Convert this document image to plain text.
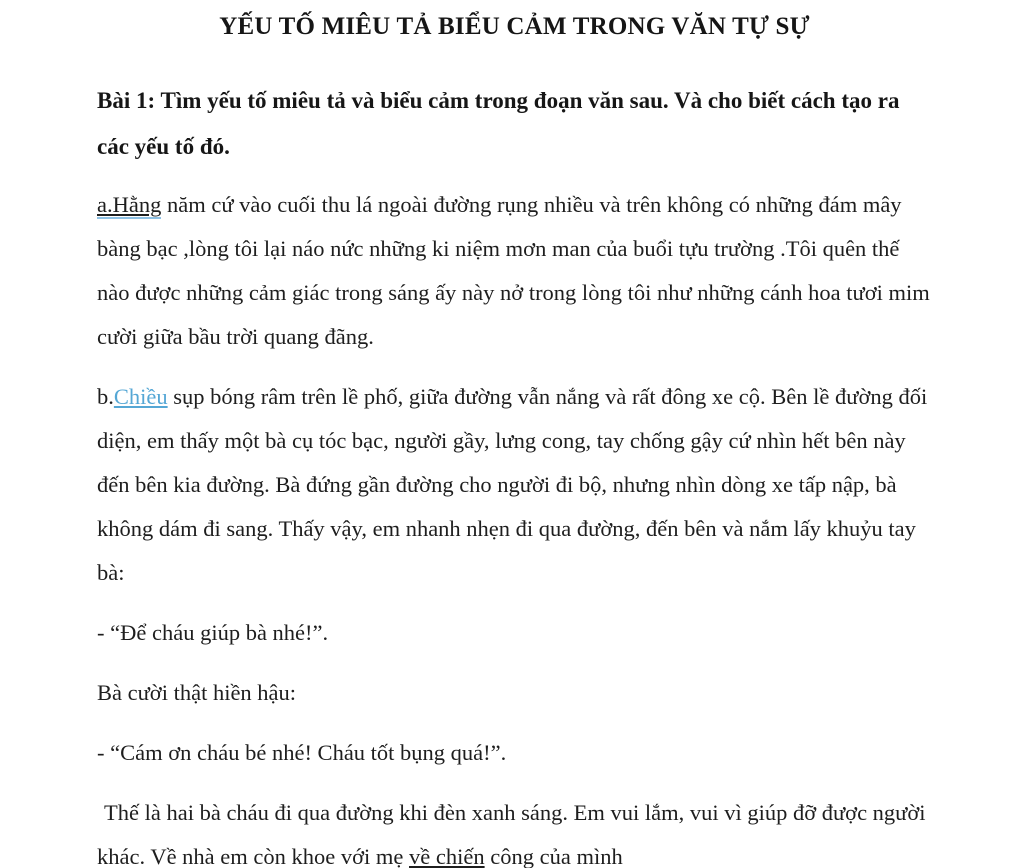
YẾU TỐ MIÊU TẢ BIỂU CẢM TRONG VĂN TỰ SỰ

Bài 1: Tìm yếu tố miêu tả và biểu cảm trong đoạn văn sau. Và cho biết cách tạo ra các yếu tố đó.

a.Hằng năm cứ vào cuối thu lá ngoài đường rụng nhiều và trên không có những đám mây bàng bạc ,lòng tôi lại náo nức những ki niệm mơn man của buổi tựu trường .Tôi quên thế nào được những cảm giác trong sáng ấy này nở trong lòng tôi như những cánh hoa tươi mim cười giữa bầu trời quang đãng.

b.Chiều sụp bóng râm trên lề phố, giữa đường vẫn nắng và rất đông xe cộ. Bên lề đường đối diện, em thấy một bà cụ tóc bạc, người gầy, lưng cong, tay chống gậy cứ nhìn hết bên này đến bên kia đường. Bà đứng gần đường cho người đi bộ, nhưng nhìn dòng xe tấp nập, bà không dám đi sang. Thấy vậy, em nhanh nhẹn đi qua đường, đến bên và nắm lấy khuỷu tay bà:

- “Để cháu giúp bà nhé!”.

Bà cười thật hiền hậu:

- “Cám ơn cháu bé nhé! Cháu tốt bụng quá!”.

Thế là hai bà cháu đi qua đường khi đèn xanh sáng. Em vui lắm, vui vì giúp đỡ được người khác. Về nhà em còn khoe với mẹ về chiến công của mình
